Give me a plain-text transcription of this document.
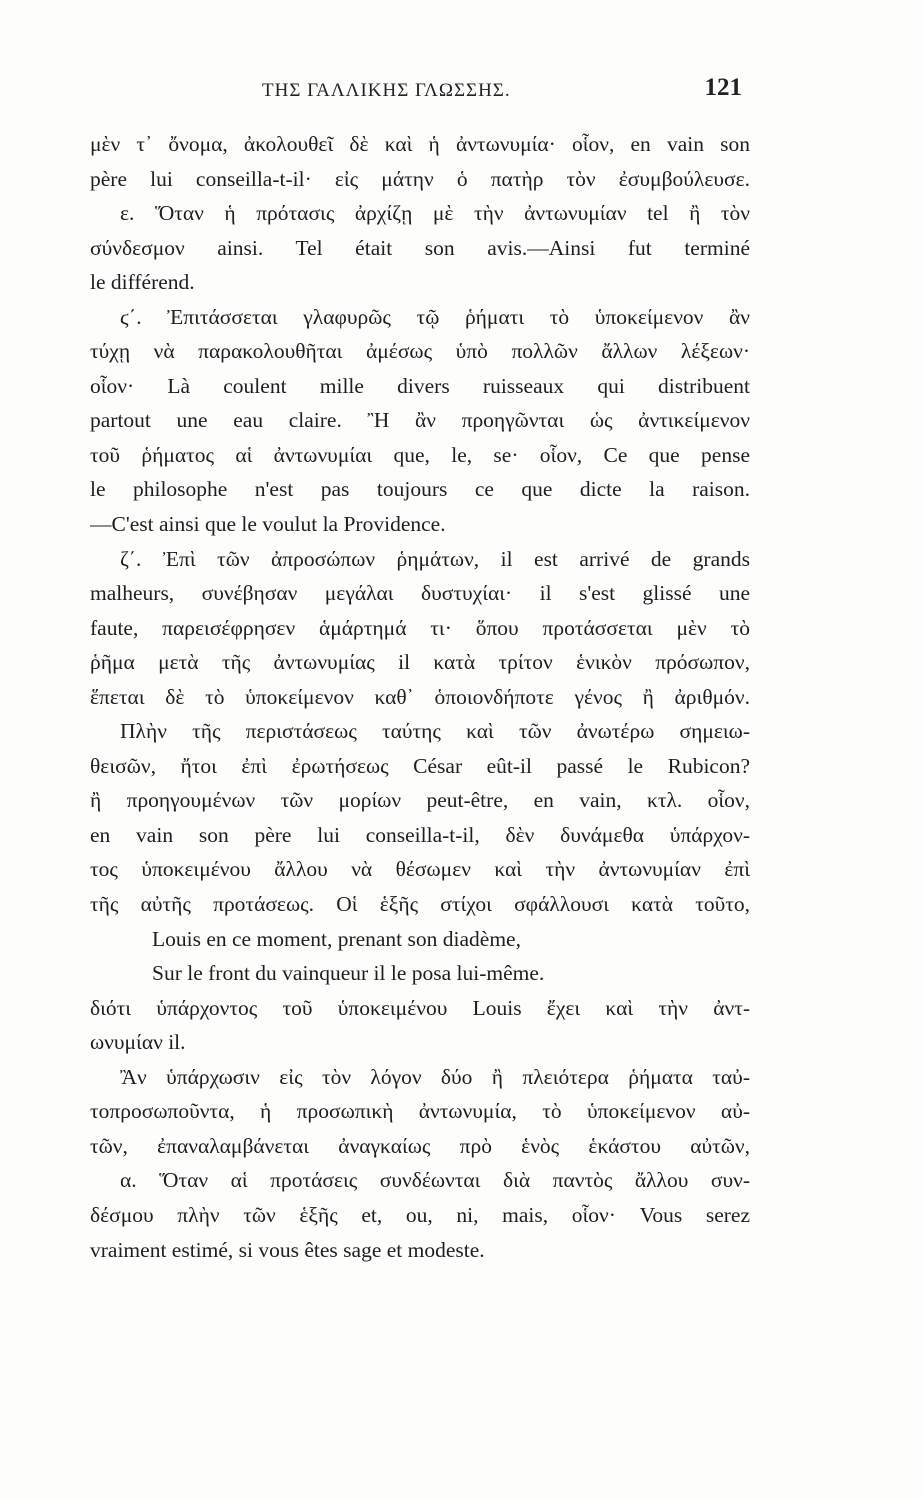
ΤΗΣ ΓΑΛΛΙΚΗΣ ΓΛΩΣΣΗΣ.	121
μὲν τ᾽ ὄνομα, ἀκολουθεῖ δὲ καὶ ἡ ἀντωνυμία· οἷον, en vain son
père lui conseilla-t-il· εἰς μάτην ὁ πατὴρ τὸν ἐσυμβούλευσε.
ε. Ὅταν ἡ πρότασις ἀρχίζῃ μὲ τὴν ἀντωνυμίαν tel ἢ τὸν
σύνδεσμον ainsi. Tel était son avis.—Ainsi fut terminé
le différend.
ϛ΄. Ἐπιτάσσεται γλαφυρῶς τῷ ῥήματι τὸ ὑποκείμενον ἂν
τύχῃ νὰ παρακολουθῆται ἀμέσως ὑπὸ πολλῶν ἄλλων λέξεων·
οἷον· Là coulent mille divers ruisseaux qui distribuent
partout une eau claire. Ἢ ἂν προηγῶνται ὡς ἀντικείμενον
τοῦ ῥήματος αἱ ἀντωνυμίαι que, le, se· οἷον, Ce que pense
le philosophe n'est pas toujours ce que dicte la raison.
—C'est ainsi que le voulut la Providence.
ζ΄. Ἐπὶ τῶν ἀπροσώπων ῥημάτων, il est arrivé de grands
malheurs, συνέβησαν μεγάλαι δυστυχίαι· il s'est glissé une
faute, παρεισέφρησεν ἁμάρτημά τι· ὅπου προτάσσεται μὲν τὸ
ῥῆμα μετὰ τῆς ἀντωνυμίας il κατὰ τρίτον ἑνικὸν πρόσωπον,
ἕπεται δὲ τὸ ὑποκείμενον καθ᾽ ὁποιονδήποτε γένος ἢ ἀριθμόν.
Πλὴν τῆς περιστάσεως ταύτης καὶ τῶν ἀνωτέρω σημειω-
θεισῶν, ἤτοι ἐπὶ ἐρωτήσεως César eût-il passé le Rubicon?
ἢ προηγουμένων τῶν μορίων peut-être, en vain, κτλ. οἷον,
en vain son père lui conseilla-t-il, δὲν δυνάμεθα ὑπάρχον-
τος ὑποκειμένου ἄλλου νὰ θέσωμεν καὶ τὴν ἀντωνυμίαν ἐπὶ
τῆς αὐτῆς προτάσεως. Οἱ ἑξῆς στίχοι σφάλλουσι κατὰ τοῦτο,
Louis en ce moment, prenant son diadème,
Sur le front du vainqueur il le posa lui-même.
διότι ὑπάρχοντος τοῦ ὑποκειμένου Louis ἔχει καὶ τὴν ἀντ-
ωνυμίαν il.
Ἂν ὑπάρχωσιν εἰς τὸν λόγον δύο ἢ πλειότερα ῥήματα ταὐ-
τοπροσωποῦντα, ἡ προσωπικὴ ἀντωνυμία, τὸ ὑποκείμενον αὐ-
τῶν, ἐπαναλαμβάνεται ἀναγκαίως πρὸ ἑνὸς ἑκάστου αὐτῶν,
α. Ὅταν αἱ προτάσεις συνδέωνται διὰ παντὸς ἄλλου συν-
δέσμου πλὴν τῶν ἑξῆς et, ou, ni, mais, οἷον· Vous serez
vraiment estimé, si vous êtes sage et modeste.
